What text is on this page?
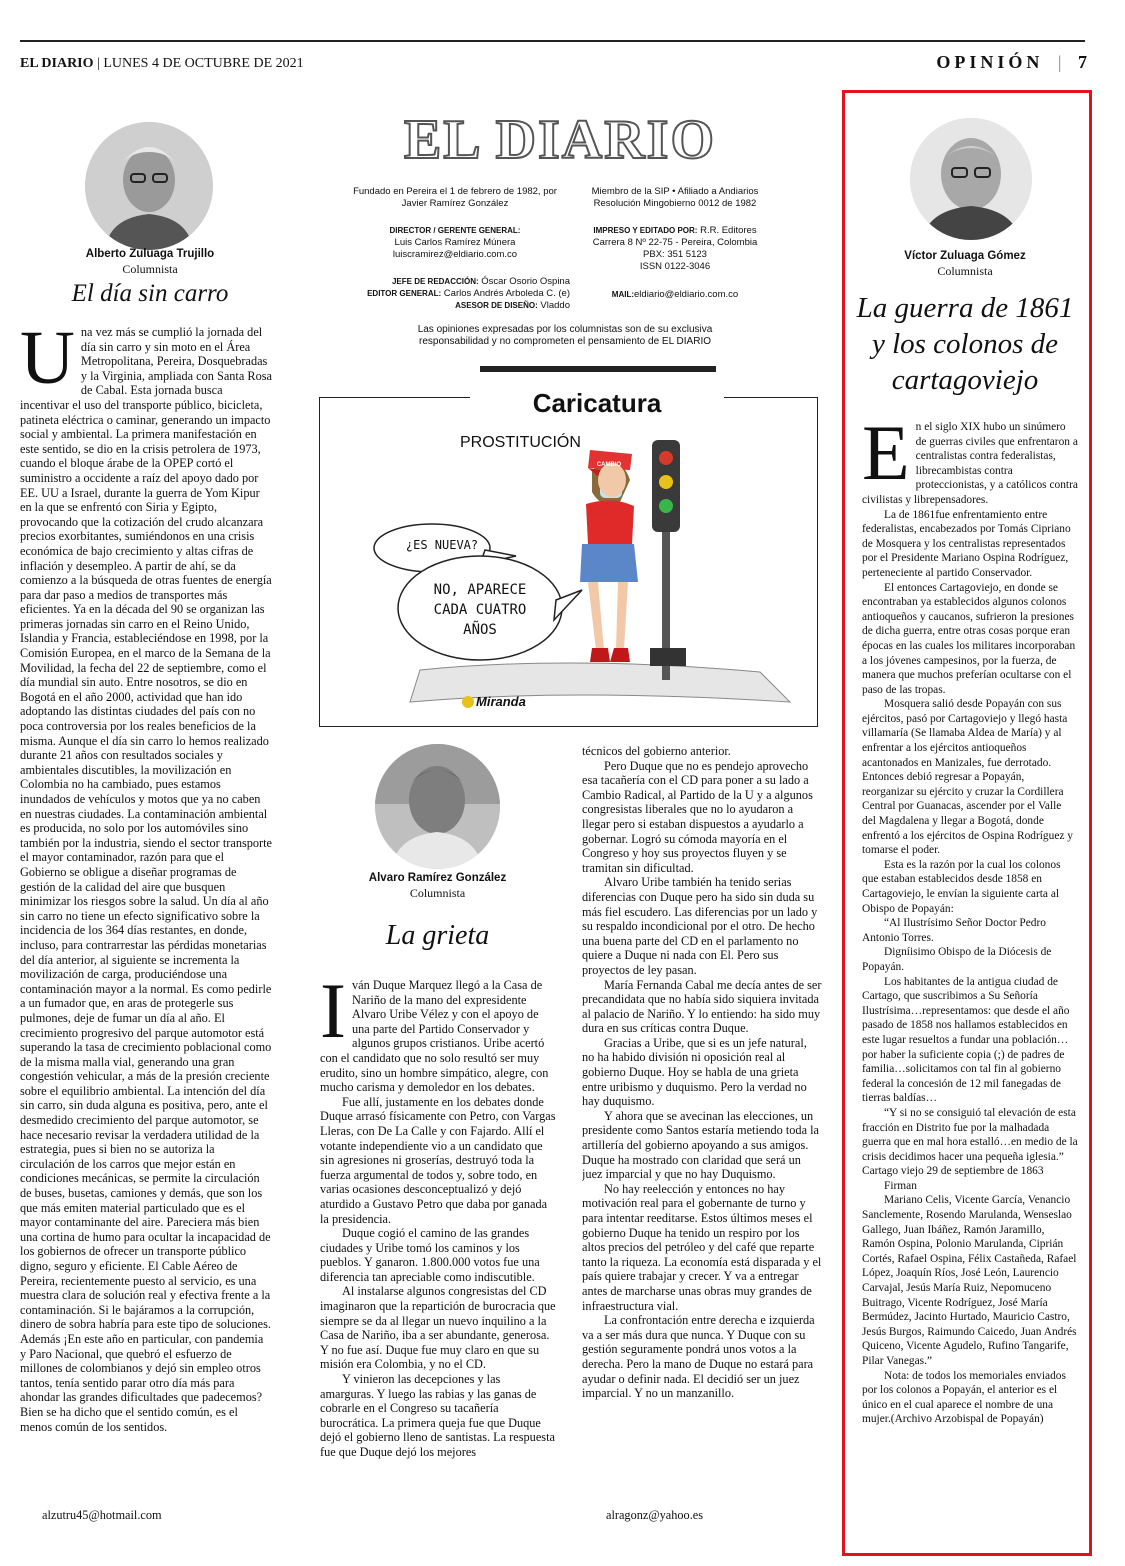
EL DIARIO | LUNES 4 DE OCTUBRE DE 2021	OPINIÓN | 7
Alberto Zuluaga Trujillo
Columnista
El día sin carro
U na vez más se cumplió la jornada del día sin carro y sin moto en el Área Metropolitana, Pereira, Dosquebradas y la Virginia, ampliada con Santa Rosa de Cabal. Esta jornada busca incentivar el uso del transporte público, bicicleta, patineta eléctrica o caminar, generando un impacto social y ambiental. La primera manifestación en este sentido, se dio en la crisis petrolera de 1973, cuando el bloque árabe de la OPEP cortó el suministro a occidente a raíz del apoyo dado por EE. UU a Israel, durante la guerra de Yom Kipur en la que se enfrentó con Siria y Egipto, provocando que la cotización del crudo alcanzara precios exorbitantes, sumiéndonos en una crisis económica de bajo crecimiento y altas cifras de inflación y desempleo. A partir de ahí, se da comienzo a la búsqueda de otras fuentes de energía para dar paso a medios de transportes más eficientes. Ya en la década del 90 se organizan las primeras jornadas sin carro en el Reino Unido, Islandia y Francia, estableciéndose en 1998, por la Comisión Europea, en el marco de la Semana de la Movilidad, la fecha del 22 de septiembre, como el día mundial sin auto. Entre nosotros, se dio en Bogotá en el año 2000, actividad que han ido adoptando las distintas ciudades del país con no poca controversia por los reales beneficios de la misma. Aunque el día sin carro lo hemos realizado durante 21 años con resultados sociales y ambientales discutibles, la movilización en Colombia no ha cambiado, pues estamos inundados de vehículos y motos que ya no caben en nuestras ciudades. La contaminación ambiental es producida, no solo por los automóviles sino también por la industria, siendo el sector transporte el mayor contaminador, razón para que el Gobierno se obligue a diseñar programas de gestión de la calidad del aire que busquen minimizar los riesgos sobre la salud. Un día al año sin carro no tiene un efecto significativo sobre la incidencia de los 364 días restantes, en donde, incluso, para contrarrestar las pérdidas monetarias del día anterior, al siguiente se incrementa la movilización de carga, produciéndose una contaminación mayor a la normal. Es como pedirle a un fumador que, en aras de protegerle sus pulmones, deje de fumar un día al año. El crecimiento progresivo del parque automotor está superando la tasa de crecimiento poblacional como de la misma malla vial, generando una gran congestión vehicular, a más de la presión creciente sobre el equilibrio ambiental. La intención del día sin carro, sin duda alguna es positiva, pero, ante el desmedido crecimiento del parque automotor, se hace necesario revisar la verdadera utilidad de la estrategia, pues si bien no se autoriza la circulación de los carros que mejor están en condiciones mecánicas, se permite la circulación de buses, busetas, camiones y demás, que son los que más emiten material particulado que es el mayor contaminante del aire. Pareciera más bien una cortina de humo para ocultar la incapacidad de los gobiernos de ofrecer un transporte público digno, seguro y eficiente. El Cable Aéreo de Pereira, recientemente puesto al servicio, es una muestra clara de solución real y efectiva frente a la contaminación. Si le bajáramos a la corrupción, dinero de sobra habría para este tipo de soluciones. Además ¡En este año en particular, con pandemia y Paro Nacional, que quebró el esfuerzo de millones de colombianos y dejó sin empleo otros tantos, tenía sentido parar otro día más para ahondar las grandes dificultades que padecemos? Bien se ha dicho que el sentido común, es el menos común de los sentidos.

alzutru45@hotmail.com
EL DIARIO
Fundado en Pereira el 1 de febrero de 1982, por Javier Ramírez González
Miembro de la SIP • Afiliado a Andiarios Resolución Mingobierno 0012 de 1982
DIRECTOR / GERENTE GENERAL:
Luis Carlos Ramírez Múnera
luiscramirez@eldiario.com.co
IMPRESO Y EDITADO POR: R.R. Editores
Carrera 8 Nº 22-75 - Pereira, Colombia
PBX: 351 5123
ISSN 0122-3046
JEFE DE REDACCIÓN: Óscar Osorio Ospina
EDITOR GENERAL: Carlos Andrés Arboleda C. (e)
ASESOR DE DISEÑO: Vladdo
MAIL:eldiario@eldiario.com.co
Las opiniones expresadas por los columnistas son de su exclusiva responsabilidad y no comprometen el pensamiento de EL DIARIO
Caricatura
PROSTITUCIÓN
CAMBIO
¿ES NUEVA?
NO, APARECE CADA CUATRO AÑOS
Miranda
Alvaro Ramírez González
Columnista
La grieta
I ván Duque Marquez llegó a la Casa de Nariño de la mano del expresidente Alvaro Uribe Vélez y con el apoyo de una parte del Partido Conservador y algunos grupos cristianos. Uribe acertó con el candidato que no solo resultó ser muy erudito, sino un hombre simpático, alegre, con mucho carisma y demoledor en los debates.

Fue allí, justamente en los debates donde Duque arrasó físicamente con Petro, con Vargas Lleras, con De La Calle y con Fajardo. Allí el votante independiente vio a un candidato que sin agresiones ni groserías, destruyó toda la fuerza argumental de todos y, sobre todo, en varias ocasiones desconceptualizó y dejó aturdido a Gustavo Petro que daba por ganada la presidencia.

Duque cogió el camino de las grandes ciudades y Uribe tomó los caminos y los pueblos. Y ganaron. 1.800.000 votos fue una diferencia tan apreciable como indiscutible.

Al instalarse algunos congresistas del CD imaginaron que la repartición de burocracia que siempre se da al llegar un nuevo inquilino a la Casa de Nariño, iba a ser abundante, generosa. Y no fue así. Duque fue muy claro en que su misión era Colombia, y no el CD.

Y vinieron las decepciones y las amarguras. Y luego las rabias y las ganas de cobrarle en el Congreso su tacañería burocrática. La primera queja fue que Duque dejó el gobierno lleno de santistas. La respuesta fue que Duque dejó los mejores

técnicos del gobierno anterior.

Pero Duque que no es pendejo aprovecho esa tacañería con el CD para poner a su lado a Cambio Radical, al Partido de la U y a algunos congresistas liberales que no lo ayudaron a llegar pero si estaban dispuestos a ayudarlo a gobernar. Logró su cómoda mayoría en el Congreso y hoy sus proyectos fluyen y se tramitan sin dificultad.

Alvaro Uribe también ha tenido serias diferencias con Duque pero ha sido sin duda su más fiel escudero. Las diferencias por un lado y su respaldo incondicional por el otro. De hecho una buena parte del CD en el parlamento no quiere a Duque ni nada con El. Pero sus proyectos de ley pasan.

María Fernanda Cabal me decía antes de ser precandidata que no había sido siquiera invitada al palacio de Nariño. Y lo entiendo: ha sido muy dura en sus críticas contra Duque.

Gracias a Uribe, que si es un jefe natural, no ha habido división ni oposición real al gobierno Duque. Hoy se habla de una grieta entre uribismo y duquismo. Pero la verdad no hay duquismo.

Y ahora que se avecinan las elecciones, un presidente como Santos estaría metiendo toda la artillería del gobierno apoyando a sus amigos. Duque ha mostrado con claridad que será un juez imparcial y que no hay Duquismo.

No hay reelección y entonces no hay motivación real para el gobernante de turno y para intentar reeditarse. Estos últimos meses el gobierno Duque ha tenido un respiro por los altos precios del petróleo y del café que reparte tanto la riqueza. La economía está disparada y el país quiere trabajar y crecer. Y va a entregar antes de marcharse unas obras muy grandes de infraestructura vial.

La confrontación entre derecha e izquierda va a ser más dura que nunca. Y Duque con su gestión seguramente pondrá unos votos a la derecha. Pero la mano de Duque no estará para ayudar o definir nada. El decidió ser un juez imparcial. Y no un manzanillo.

alragonz@yahoo.es
Víctor Zuluaga Gómez
Columnista
La guerra de 1861 y los colonos de cartagoviejo
E n el siglo XIX hubo un sinúmero de guerras civiles que enfrentaron a centralistas contra federalistas, librecambistas contra proteccionistas, y a católicos contra civilistas y librepensadores.

La de 1861fue enfrentamiento entre federalistas, encabezados por Tomás Cipriano de Mosquera y los centralistas representados por el Presidente Mariano Ospina Rodríguez, perteneciente al partido Conservador.

El entonces Cartagoviejo, en donde se encontraban ya establecidos algunos colonos antioqueños y caucanos, sufrieron la presiones de dicha guerra, entre otras cosas porque eran épocas en las cuales los militares incorporaban a los jóvenes campesinos, por la fuerza, de manera que muchos preferían ocultarse con el paso de las tropas.

Mosquera salió desde Popayán con sus ejércitos, pasó por Cartagoviejo y llegó hasta villamaría (Se llamaba Aldea de María) y al enfrentar a los ejércitos antioqueños acantonados en Manizales, fue derrotado. Entonces debió regresar a Popayán, reorganizar su ejército y cruzar la Cordillera Central por Guanacas, ascender por el Valle del Magdalena y llegar a Bogotá, donde enfrentó a los ejércitos de Ospina Rodríguez y tomarse el poder.

Esta es la razón por la cual los colonos que estaban establecidos desde 1858 en Cartagoviejo, le envían la siguiente carta al Obispo de Popayán:

“Al Ilustrísimo Señor Doctor Pedro Antonio Torres.

Digníisimo Obispo de la Diócesis de Popayán.

Los habitantes de la antigua ciudad de Cartago, que suscribimos a Su Señoría Ilustrísima…representamos: que desde el año pasado de 1858 nos hallamos establecidos en este lugar resueltos a fundar una población… por haber la suficiente copia (;) de padres de familia…solicitamos con tal fin al gobierno federal la concesión de 12 mil fanegadas de tierras baldías…

“Y si no se consiguió tal elevación de esta fracción en Distrito fue por la malhadada guerra que en mal hora estalló…en medio de la crisis decidimos hacer una pequeña iglesia.” Cartago viejo 29 de septiembre de 1863

Firman

Mariano Celis, Vicente García, Venancio Sanclemente, Rosendo Marulanda, Wenseslao Gallego, Juan Ibáñez, Ramón Jaramillo, Ramón Ospina, Polonio Marulanda, Ciprián Cortés, Rafael Ospina, Félix Castañeda, Rafael López, Joaquín Ríos, José León, Laurencio Carvajal, Jesús María Ruiz, Nepomuceno Buitrago, Vicente Rodríguez, José María Bermúdez, Jacinto Hurtado, Mauricio Castro, Jesús Burgos, Raimundo Caicedo, Juan Andrés Quiceno, Vicente Agudelo, Rufino Tangarife, Pilar Vanegas.”

Nota: de todos los memoriales enviados por los colonos a Popayán, el anterior es el único en el cual aparece el nombre de una mujer.(Archivo Arzobispal de Popayán)
